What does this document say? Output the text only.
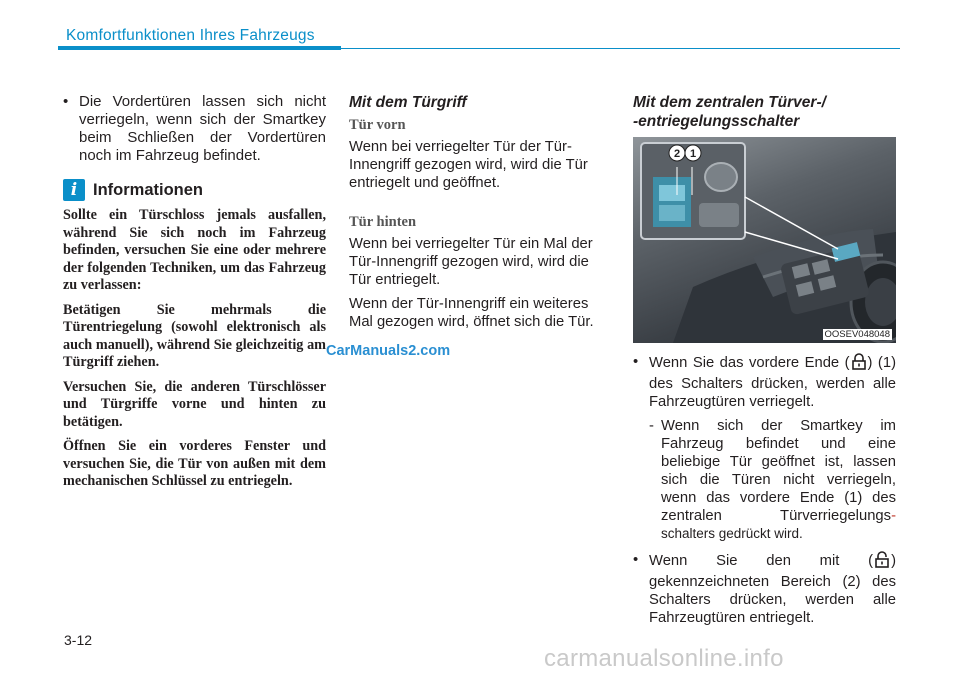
Komfortfunktionen Ihres Fahrzeugs
• Die Vordertüren lassen sich nicht verriegeln, wenn sich der Smartkey beim Schließen der Vordertüren noch im Fahrzeug befindet.
i Informationen

Sollte ein Türschloss jemals ausfallen, während Sie sich noch im Fahrzeug befinden, versuchen Sie eine oder mehrere der folgenden Techniken, um das Fahrzeug zu verlassen:

Betätigen Sie mehrmals die Türentriegelung (sowohl elektronisch als auch manuell), während Sie gleichzeitig am Türgriff ziehen.

Versuchen Sie, die anderen Türschlösser und Türgriffe vorne und hinten zu betätigen.

Öffnen Sie ein vorderes Fenster und versuchen Sie, die Tür von außen mit dem mechanischen Schlüssel zu entriegeln.

Mit dem Türgriff
Tür vorn

Wenn bei verriegelter Tür der Tür-Innengriff gezogen wird, wird die Tür entriegelt und geöffnet.

Tür hinten

Wenn bei verriegelter Tür ein Mal der Tür-Innengriff gezogen wird, wird die Tür entriegelt.

Wenn der Tür-Innengriff ein weiteres Mal gezogen wird, öffnet sich die Tür.

Mit dem zentralen Türver-/
-entriegelungsschalter
2 1
OOSEV048048
• Wenn Sie das vordere Ende ( ) (1) des Schalters drücken, werden alle Fahrzeugtüren verriegelt.
- Wenn sich der Smartkey im Fahrzeug befindet und eine beliebige Tür geöffnet ist, lassen sich die Türen nicht verriegeln, wenn das vordere Ende (1) des zentralen Türverriegelungs- schalters gedrückt wird.
• Wenn Sie den mit ( ) gekennzeichneten Bereich (2) des Schalters drücken, werden alle Fahrzeugtüren entriegelt.
CarManuals2.com
3-12
carmanualsonline.info
